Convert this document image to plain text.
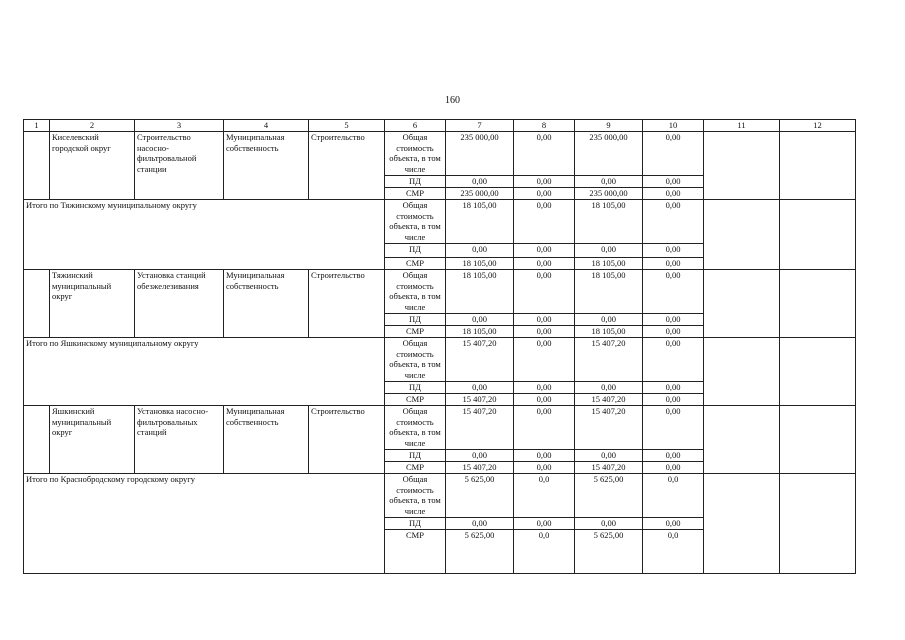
160
1	2	3	4	5	6	7	8	9	10	11	12
	Киселевский городской округ	Строительство насосно-фильтровальной станции	Муниципальная собственность	Строительство	Общая стоимость объекта, в том числе	235 000,00	0,00	235 000,00	0,00		
					ПД	0,00	0,00	0,00	0,00		
					СМР	235 000,00	0,00	235 000,00	0,00		
Итого по Тяжинскому муниципальному округу					Общая стоимость объекта, в том числе	18 105,00	0,00	18 105,00	0,00		
					ПД	0,00	0,00	0,00	0,00		
					СМР	18 105,00	0,00	18 105,00	0,00		
	Тяжинский муниципальный округ	Установка станций обезжелезивания	Муниципальная собственность	Строительство	Общая стоимость объекта, в том числе	18 105,00	0,00	18 105,00	0,00		
					ПД	0,00	0,00	0,00	0,00		
					СМР	18 105,00	0,00	18 105,00	0,00		
Итого по Яшкинскому муниципальному округу					Общая стоимость объекта, в том числе	15 407,20	0,00	15 407,20	0,00		
					ПД	0,00	0,00	0,00	0,00		
					СМР	15 407,20	0,00	15 407,20	0,00		
	Яшкинский муниципальный округ	Установка насосно-фильтровальных станций	Муниципальная собственность	Строительство	Общая стоимость объекта, в том числе	15 407,20	0,00	15 407,20	0,00		
					ПД	0,00	0,00	0,00	0,00		
					СМР	15 407,20	0,00	15 407,20	0,00		
Итого по Краснобродскому городскому округу					Общая стоимость объекта, в том числе	5 625,00	0,0	5 625,00	0,0		
					ПД	0,00	0,00	0,00	0,00		
					СМР	5 625,00	0,0	5 625,00	0,0		
